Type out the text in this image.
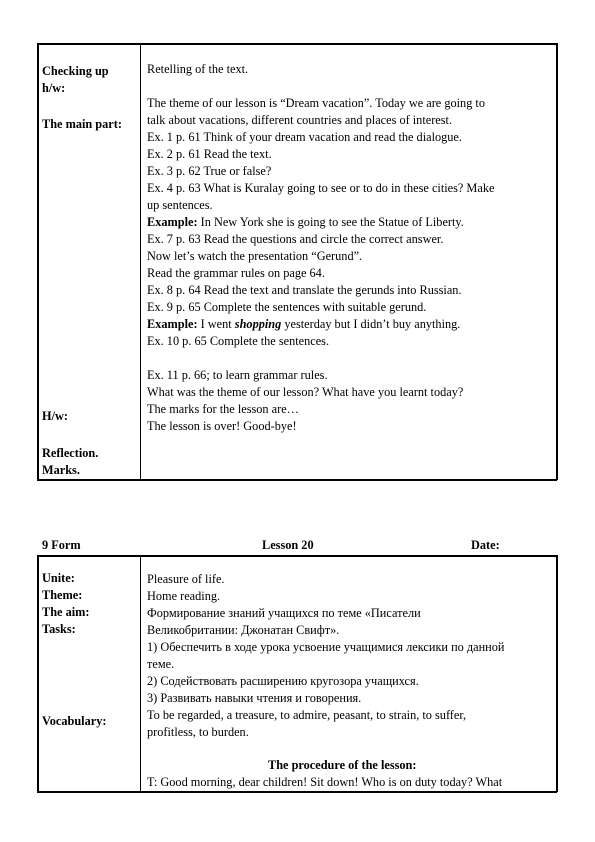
Checking up
h/w:
The main part:
H/w:
Reflection.
Marks.
Retelling of the text.
The theme of our lesson is “Dream vacation”. Today we are going to
talk about vacations, different countries and places of interest.
Ex. 1 p. 61 Think of your dream vacation and read the dialogue.
Ex. 2 p. 61 Read the text.
Ex. 3 p. 62 True or false?
Ex. 4 p. 63 What is Kuralay going to see or to do in these cities? Make
up sentences.
Example: In New York she is going to see the Statue of Liberty.
Ex. 7 p. 63 Read the questions and circle the correct answer.
Now let’s watch the presentation “Gerund”.
Read the grammar rules on page 64.
Ex. 8 p. 64 Read the text and translate the gerunds into Russian.
Ex. 9 p. 65 Complete the sentences with suitable gerund.
Example: I went shopping yesterday but I didn’t buy anything.
Ex. 10 p. 65 Complete the sentences.
Ex. 11 p. 66; to learn grammar rules.
What was the theme of our lesson? What have you learnt today?
The marks for the lesson are…
The lesson is over! Good-bye!
9 Form	Lesson 20	Date:
Unite:
Theme:
The aim:
Tasks:
Vocabulary:
Pleasure of life.
Home reading.
Формирование знаний учащихся по теме «Писатели
Великобритании: Джонатан Свифт».
1) Обеспечить в ходе урока усвоение учащимися лексики по данной
теме.
2) Содействовать расширению кругозора учащихся.
3) Развивать навыки чтения и говорения.
To be regarded, a treasure, to admire, peasant, to strain, to suffer,
profitless, to burden.
The procedure of the lesson:
T: Good morning, dear children! Sit down! Who is on duty today? What
